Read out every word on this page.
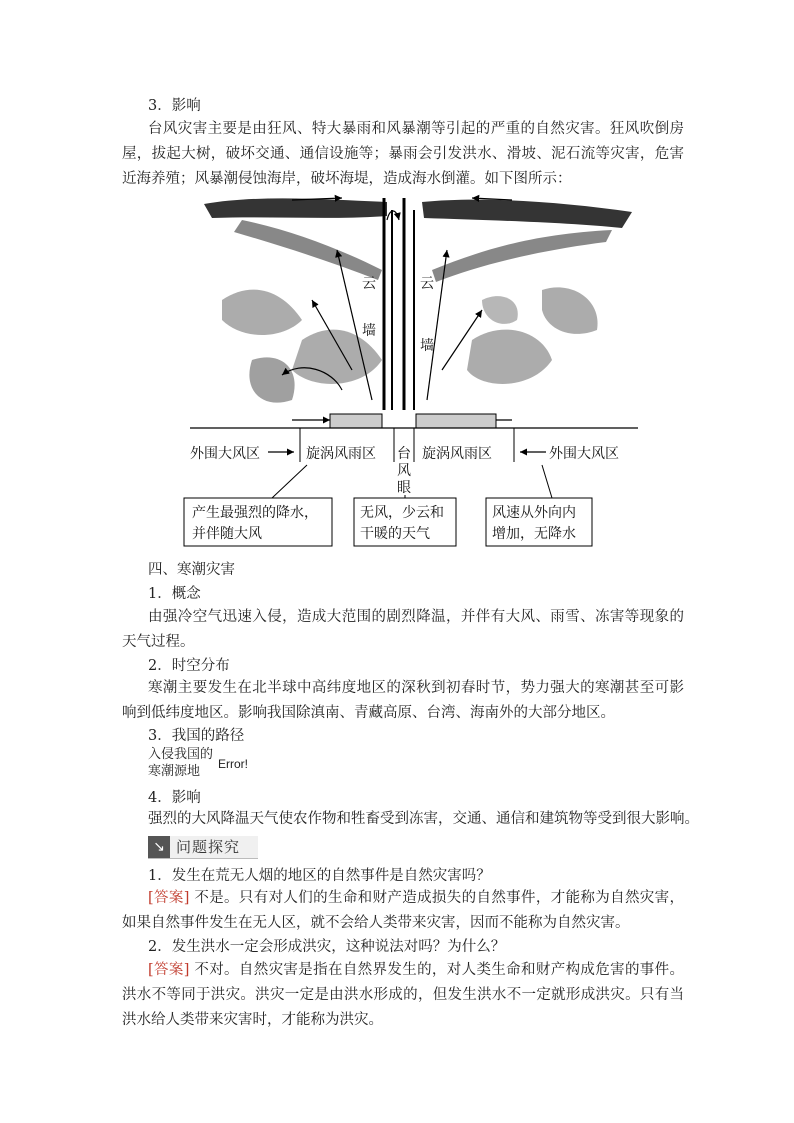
3．影响
台风灾害主要是由狂风、特大暴雨和风暴潮等引起的严重的自然灾害。狂风吹倒房屋，拔起大树，破坏交通、通信设施等；暴雨会引发洪水、滑坡、泥石流等灾害，危害近海养殖；风暴潮侵蚀海岸，破坏海堤，造成海水倒灌。如下图所示：
云
墙
云
墙
外围大风区	旋涡风雨区 台
风
眼
旋涡风雨区	外围大风区
产生最强烈的降水，
并伴随大风
无风，少云和
干暖的天气
风速从外向内
增加，无降水
四、寒潮灾害
1．概念
由强冷空气迅速入侵，造成大范围的剧烈降温，并伴有大风、雨雪、冻害等现象的天气过程。
2．时空分布
寒潮主要发生在北半球中高纬度地区的深秋到初春时节，势力强大的寒潮甚至可影响到低纬度地区。影响我国除滇南、青藏高原、台湾、海南外的大部分地区。
3．我国的路径
入侵我国的
寒潮源地	Error!
4．影响
强烈的大风降温天气使农作物和牲畜受到冻害，交通、通信和建筑物等受到很大影响。
↘ 问题探究
1．发生在荒无人烟的地区的自然事件是自然灾害吗？
[答案] 不是。只有对人们的生命和财产造成损失的自然事件，才能称为自然灾害，如果自然事件发生在无人区，就不会给人类带来灾害，因而不能称为自然灾害。
2．发生洪水一定会形成洪灾，这种说法对吗？为什么？
[答案] 不对。自然灾害是指在自然界发生的，对人类生命和财产构成危害的事件。洪水不等同于洪灾。洪灾一定是由洪水形成的，但发生洪水不一定就形成洪灾。只有当洪水给人类带来灾害时，才能称为洪灾。
